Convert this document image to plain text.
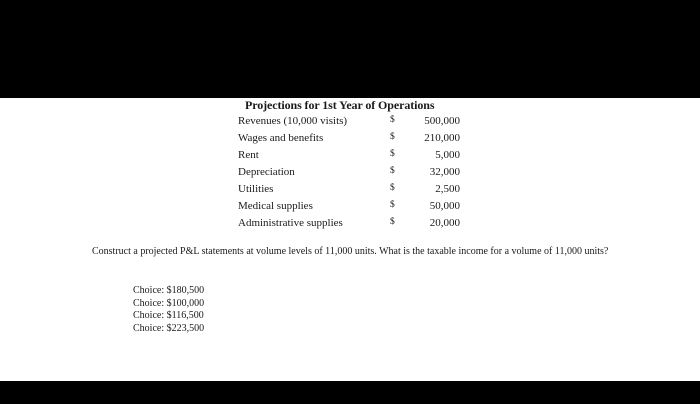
Projections for 1st Year of Operations
Revenues (10,000 visits)	$	500,000
Wages and benefits	$	210,000
Rent	$	5,000
Depreciation	$	32,000
Utilities	$	2,500
Medical supplies	$	50,000
Administrative supplies	$	20,000
Construct a projected P&L statements at volume levels of 11,000 units. What is the taxable income for a volume of 11,000 units?
Choice: $180,500
Choice: $100,000
Choice: $116,500
Choice: $223,500
